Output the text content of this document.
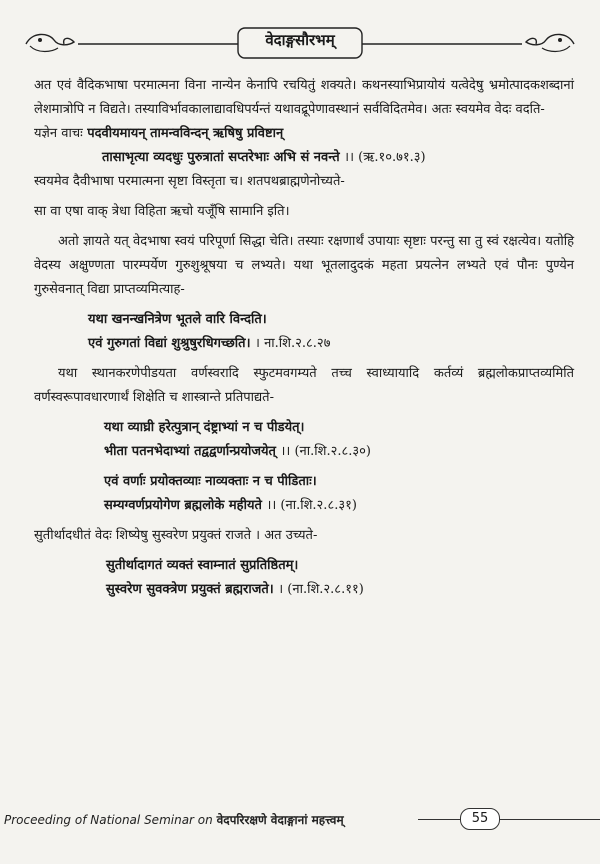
वेदाङ्गसौरभम्

अत एवं वैदिकभाषा परमात्मना विना नान्येन केनापि रचयितुं शक्यते। कथनस्याभिप्रायोयं यत्वेदेषु भ्रमोत्पादकशब्दानां लेशमात्रोपि न विद्यते। तस्याविर्भावकालाद्यावधिपर्यन्तं यथावद्रूपेणावस्थानं सर्वविदितमेव। अतः स्वयमेव वेदः वदति-

यज्ञेन वाचः पदवीयमायन् तामन्वविन्दन् ऋषिषु प्रविष्टान्
तासाभृत्या व्यदधुः पुरुत्रातां सप्तरेभाः अभि सं नवन्ते ।। (ऋ.१०.७१.३)

स्वयमेव दैवीभाषा परमात्मना सृष्टा विस्तृता च। शतपथब्राह्मणेनोच्यते-

सा वा एषा वाक् त्रेधा विहिता ऋचो यजूँषि सामानि इति।

अतो ज्ञायते यत् वेदभाषा स्वयं परिपूर्णा सिद्धा चेति। तस्याः रक्षणार्थं उपायाः सृष्टाः परन्तु सा तु स्वं रक्षत्येव। यतोहि वेदस्य अक्षुण्णता पारम्पर्येण गुरुशुश्रूषया च लभ्यते। यथा भूतलादुदकं महता प्रयत्नेन लभ्यते एवं पौनः पुण्येन गुरुसेवनात् विद्या प्राप्तव्यमित्याह-

यथा खनन्खनित्रेण भूतले वारि विन्दति।
एवं गुरुगतां विद्यां शुश्रुषुरधिगच्छति। । ना.शि.२.८.२७

यथा स्थानकरणेपीडयता वर्णस्वरादि स्फुटमवगम्यते तच्च स्वाध्यायादि कर्तव्यं ब्रह्मलोकप्राप्तव्यमिति वर्णस्वरूपावधारणार्थं शिक्षेति च शास्त्रान्ते प्रतिपाद्यते-

यथा व्याघ्री हरेत्पुत्रान् दंष्ट्राभ्यां न च पीडयेत्।
भीता पतनभेदाभ्यां तद्वद्वर्णान्प्रयोजयेत् ।। (ना.शि.२.८.३०)
एवं वर्णाः प्रयोक्तव्याः नाव्यक्ताः न च पीडिताः।
सम्यग्वर्णप्रयोगेण ब्रह्मलोके महीयते ।। (ना.शि.२.८.३१)

सुतीर्थादधीतं वेदः शिष्येषु सुस्वरेण प्रयुक्तं राजते । अत उच्यते-

सुतीर्थादागतं व्यक्तं स्वाम्नातं सुप्रतिष्ठितम्।
सुस्वरेण सुवक्त्रेण प्रयुक्तं ब्रह्मराजते। । (ना.शि.२.८.११)
Proceeding of National Seminar on वेदपरिरक्षणे वेदाङ्गानां महत्त्वम्	55
